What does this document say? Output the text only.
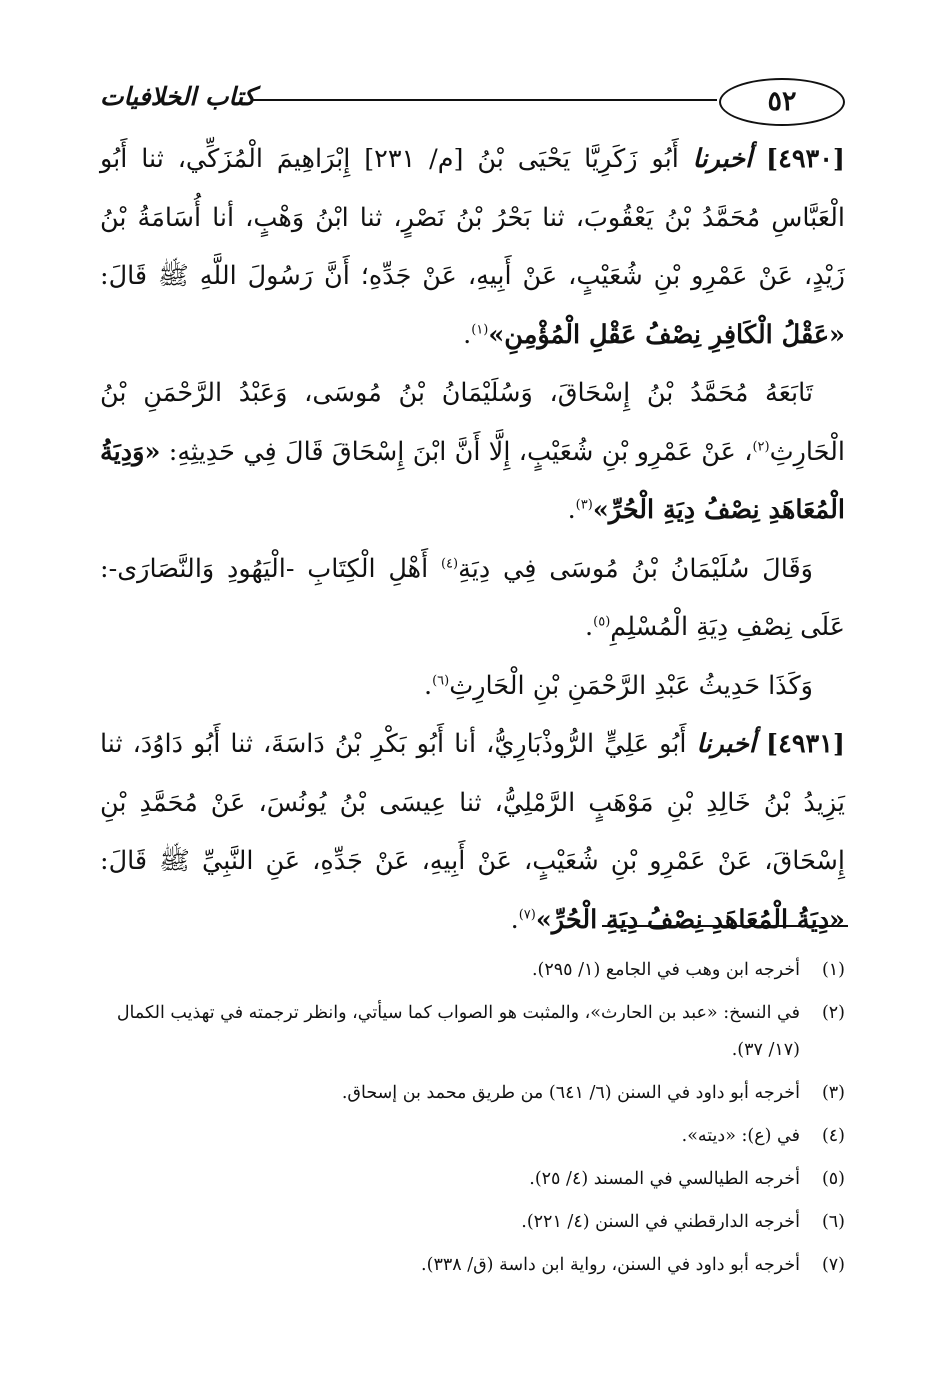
٥٢
كتاب الخلافيات

[٤٩٣٠] أخبرنا أَبُو زَكَرِيَّا يَحْيَى بْنُ [م/ ٢٣١] إِبْرَاهِيمَ الْمُزَكِّي، ثنا أَبُو الْعَبَّاسِ مُحَمَّدُ بْنُ يَعْقُوبَ، ثنا بَحْرُ بْنُ نَصْرٍ، ثنا ابْنُ وَهْبٍ، أنا أُسَامَةُ بْنُ زَيْدٍ، عَنْ عَمْرِو بْنِ شُعَيْبٍ، عَنْ أَبِيهِ، عَنْ جَدِّهِ؛ أَنَّ رَسُولَ اللَّهِ ﷺ قَالَ: «عَقْلُ الْكَافِرِ نِصْفُ عَقْلِ الْمُؤْمِنِ»$^{(١)}$.

تَابَعَهُ مُحَمَّدُ بْنُ إِسْحَاقَ، وَسُلَيْمَانُ بْنُ مُوسَى، وَعَبْدُ الرَّحْمَنِ بْنُ الْحَارِثِ$^{(٢)}$، عَنْ عَمْرِو بْنِ شُعَيْبٍ، إِلَّا أَنَّ ابْنَ إِسْحَاقَ قَالَ فِي حَدِيثِهِ: «وَدِيَةُ الْمُعَاهَدِ نِصْفُ دِيَةِ الْحُرِّ»$^{(٣)}$.

وَقَالَ سُلَيْمَانُ بْنُ مُوسَى فِي دِيَةِ$^{(٤)}$ أَهْلِ الْكِتَابِ -الْيَهُودِ وَالنَّصَارَى-: عَلَى نِصْفِ دِيَةِ الْمُسْلِمِ$^{(٥)}$.

وَكَذَا حَدِيثُ عَبْدِ الرَّحْمَنِ بْنِ الْحَارِثِ$^{(٦)}$.

[٤٩٣١] أخبرنا أَبُو عَلِيٍّ الرُّوذْبَارِيُّ، أنا أَبُو بَكْرِ بْنُ دَاسَةَ، ثنا أَبُو دَاوُدَ، ثنا يَزِيدُ بْنُ خَالِدِ بْنِ مَوْهَبٍ الرَّمْلِيُّ، ثنا عِيسَى بْنُ يُونُسَ، عَنْ مُحَمَّدِ بْنِ إِسْحَاقَ، عَنْ عَمْرِو بْنِ شُعَيْبٍ، عَنْ أَبِيهِ، عَنْ جَدِّهِ، عَنِ النَّبِيِّ ﷺ قَالَ: «دِيَةُ الْمُعَاهَدِ نِصْفُ دِيَةِ الْحُرِّ»$^{(٧)}$.

(١)
أخرجه ابن وهب في الجامع (١/ ٢٩٥).
(٢)
في النسخ: «عبد بن الحارث»، والمثبت هو الصواب كما سيأتي، وانظر ترجمته في تهذيب الكمال (١٧/ ٣٧).
(٣)
أخرجه أبو داود في السنن (٦/ ٦٤١) من طريق محمد بن إسحاق.
(٤)
في (ع): «ديته».
(٥)
أخرجه الطيالسي في المسند (٤/ ٢٥).
(٦)
أخرجه الدارقطني في السنن (٤/ ٢٢١).
(٧)
أخرجه أبو داود في السنن، رواية ابن داسة (ق/ ٣٣٨).
